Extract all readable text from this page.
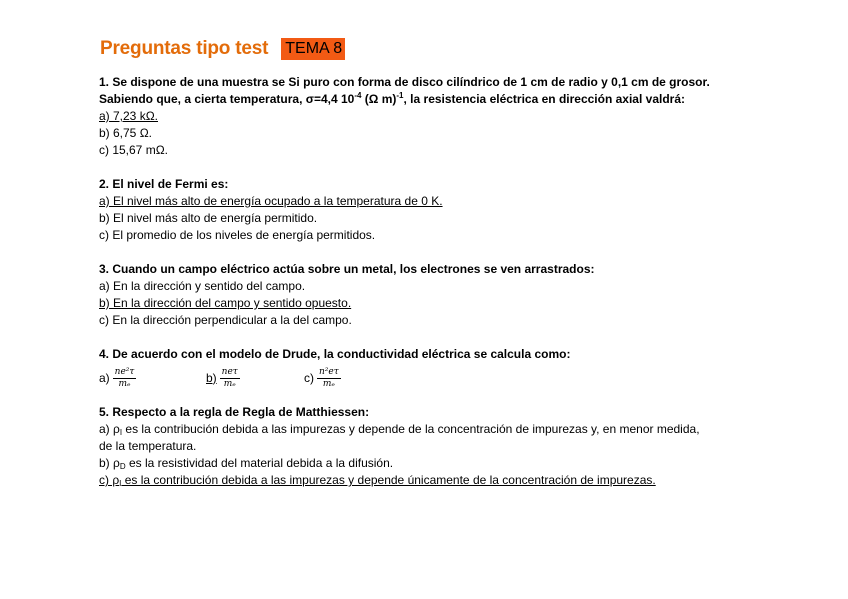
Preguntas tipo test TEMA 8
1. Se dispone de una muestra se Si puro con forma de disco cilíndrico de 1 cm de radio y 0,1 cm de grosor.
Sabiendo que, a cierta temperatura, σ=4,4 $10^{-4}$ (Ω m)$^{-1}$, la resistencia eléctrica en dirección axial valdrá:
a) 7,23 kΩ.
b) 6,75 Ω.
c) 15,67 mΩ.
2. El nivel de Fermi es:
a) El nivel más alto de energía ocupado a la temperatura de 0 K.
b) El nivel más alto de energía permitido.
c) El promedio de los niveles de energía permitidos.
3. Cuando un campo eléctrico actúa sobre un metal, los electrones se ven arrastrados:
a) En la dirección y sentido del campo.
b) En la dirección del campo y sentido opuesto.
c) En la dirección perpendicular a la del campo.
4. De acuerdo con el modelo de Drude, la conductividad eléctrica se calcula como:
$a) \frac{\text{ne²τ}}{\text{mₑ}}$	$b) \frac{\text{neτ}}{\text{mₑ}}$	$c) \frac{\text{n²eτ}}{\text{mₑ}}$
5. Respecto a la regla de Regla de Matthiessen:
a) $\rho_I$ es la contribución debida a las impurezas y depende de la concentración de impurezas y, en menor medida,
de la temperatura.
b) $\rho_D$ es la resistividad del material debida a la difusión.
c) $\rho_I$ es la contribución debida a las impurezas y depende únicamente de la concentración de impurezas.
